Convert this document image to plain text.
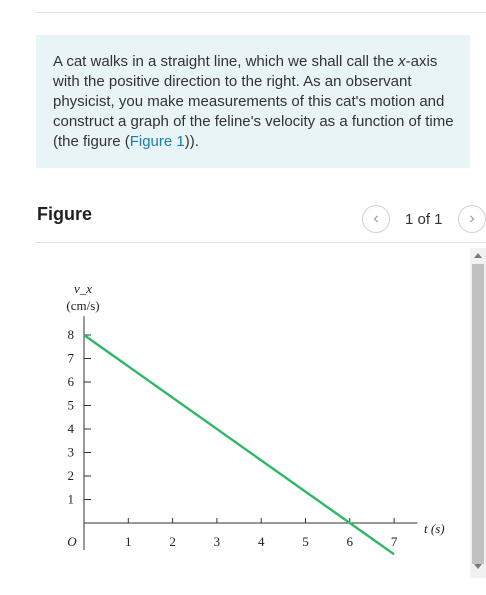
A cat walks in a straight line, which we shall call the x-axis with the positive direction to the right. As an observant physicist, you make measurements of this cat's motion and construct a graph of the feline's velocity as a function of time (the figure (Figure 1)).
Figure	‹	1 of 1	›
v_x
(cm/s)
t (s)
O	1	2	3	4	5	6	7
1
2
3
4
5
6
7
8
